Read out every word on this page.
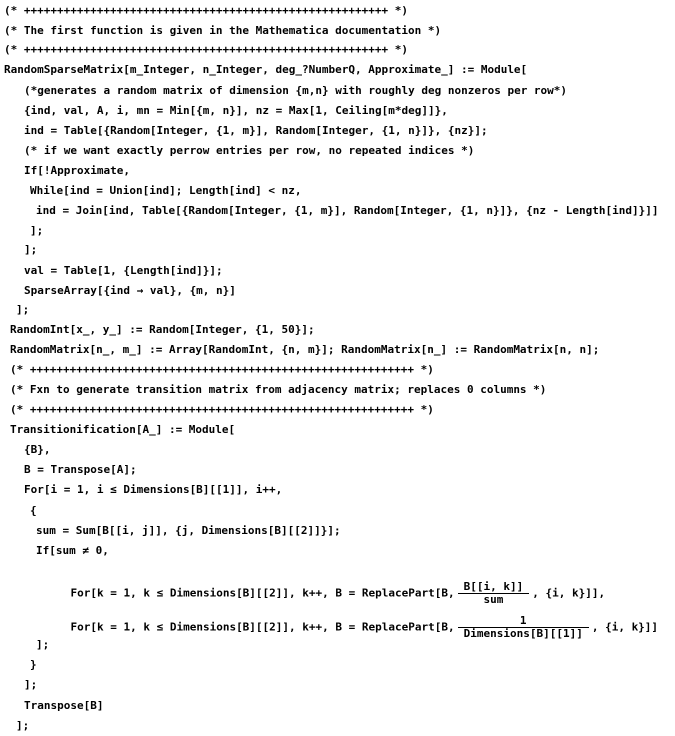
(* +++++++++++++++++++++++++++++++++++++++++++++++++++++++ *)
(* The first function is given in the Mathematica documentation *)
(* +++++++++++++++++++++++++++++++++++++++++++++++++++++++ *)
RandomSparseMatrix[m_Integer, n_Integer, deg_?NumberQ, Approximate_] := Module[
(*generates a random matrix of dimension {m,n} with roughly deg nonzeros per row*)
{ind, val, A, i, mn = Min[{m, n}], nz = Max[1, Ceiling[m*deg]]},
ind = Table[{Random[Integer, {1, m}], Random[Integer, {1, n}]}, {nz}];
(* if we want exactly perrow entries per row, no repeated indices *)
If[!Approximate,
While[ind = Union[ind]; Length[ind] < nz,
ind = Join[ind, Table[{Random[Integer, {1, m}], Random[Integer, {1, n}]}, {nz - Length[ind]}]]
];
];
val = Table[1, {Length[ind]}];
SparseArray[{ind → val}, {m, n}]
];
RandomInt[x_, y_] := Random[Integer, {1, 50}];
RandomMatrix[n_, m_] := Array[RandomInt, {n, m}]; RandomMatrix[n_] := RandomMatrix[n, n];
(* ++++++++++++++++++++++++++++++++++++++++++++++++++++++++++ *)
(* Fxn to generate transition matrix from adjacency matrix; replaces 0 columns *)
(* ++++++++++++++++++++++++++++++++++++++++++++++++++++++++++ *)
Transitionification[A_] := Module[
{B},
B = Transpose[A];
For[i = 1, i ≤ Dimensions[B][[1]], i++,
{
sum = Sum[B[[i, j]], {j, Dimensions[B][[2]]}];
If[sum ≠ 0,

For[k = 1, k ≤ Dimensions[B][[2]], k++, B = ReplacePart[B, $\frac{B[[i, k]]}{\text{sum}}$ , {i, k}]],

For[k = 1, k ≤ Dimensions[B][[2]], k++, B = ReplacePart[B, $\frac{1}{\text{Dimensions[B][[1]]}}$ , {i, k}]]

];
}
];
Transpose[B]
];
